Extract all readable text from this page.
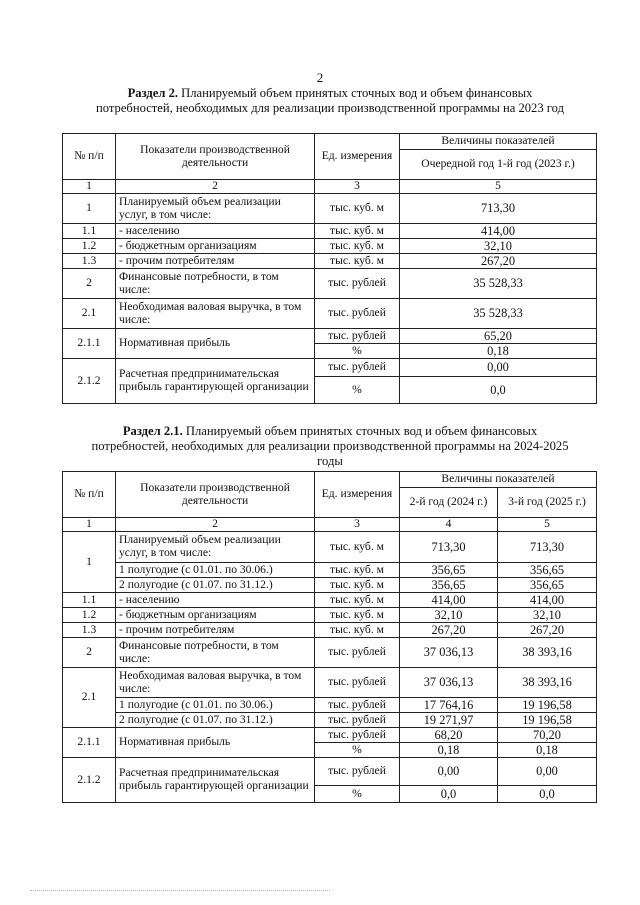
2
Раздел 2. Планируемый объем принятых сточных вод и объем финансовых потребностей, необходимых для реализации производственной программы на 2023 год
№ п/п	Показатели производственной деятельности	Ед. измерения	Величины показателей
			Очередной год 1-й год (2023 г.)
1	2	3	5
1	Планируемый объем реализации услуг, в том числе:	тыс. куб. м	713,30
1.1	- населению	тыс. куб. м	414,00
1.2	- бюджетным организациям	тыс. куб. м	32,10
1.3	- прочим потребителям	тыс. куб. м	267,20
2	Финансовые потребности, в том числе:	тыс. рублей	35 528,33
2.1	Необходимая валовая выручка, в том числе:	тыс. рублей	35 528,33
2.1.1	Нормативная прибыль	тыс. рублей	65,20
		%	0,18
2.1.2	Расчетная предпринимательская прибыль гарантирующей организации	тыс. рублей	0,00
		%	0,0
Раздел 2.1. Планируемый объем принятых сточных вод и объем финансовых потребностей, необходимых для реализации производственной программы на 2024-2025 годы
№ п/п	Показатели производственной деятельности	Ед. измерения	Величины показателей	
			2-й год (2024 г.)	3-й год (2025 г.)
1	2	3	4	5
1	Планируемый объем реализации услуг, в том числе:	тыс. куб. м	713,30	713,30
	1 полугодие (с 01.01. по 30.06.)	тыс. куб. м	356,65	356,65
	2 полугодие (с 01.07. по 31.12.)	тыс. куб. м	356,65	356,65
1.1	- населению	тыс. куб. м	414,00	414,00
1.2	- бюджетным организациям	тыс. куб. м	32,10	32,10
1.3	- прочим потребителям	тыс. куб. м	267,20	267,20
2	Финансовые потребности, в том числе:	тыс. рублей	37 036,13	38 393,16
2.1	Необходимая валовая выручка, в том числе:	тыс. рублей	37 036,13	38 393,16
	1 полугодие (с 01.01. по 30.06.)	тыс. рублей	17 764,16	19 196,58
	2 полугодие (с 01.07. по 31.12.)	тыс. рублей	19 271,97	19 196,58
2.1.1	Нормативная прибыль	тыс. рублей	68,20	70,20
		%	0,18	0,18
2.1.2	Расчетная предпринимательская прибыль гарантирующей организации	тыс. рублей	0,00	0,00
		%	0,0	0,0
